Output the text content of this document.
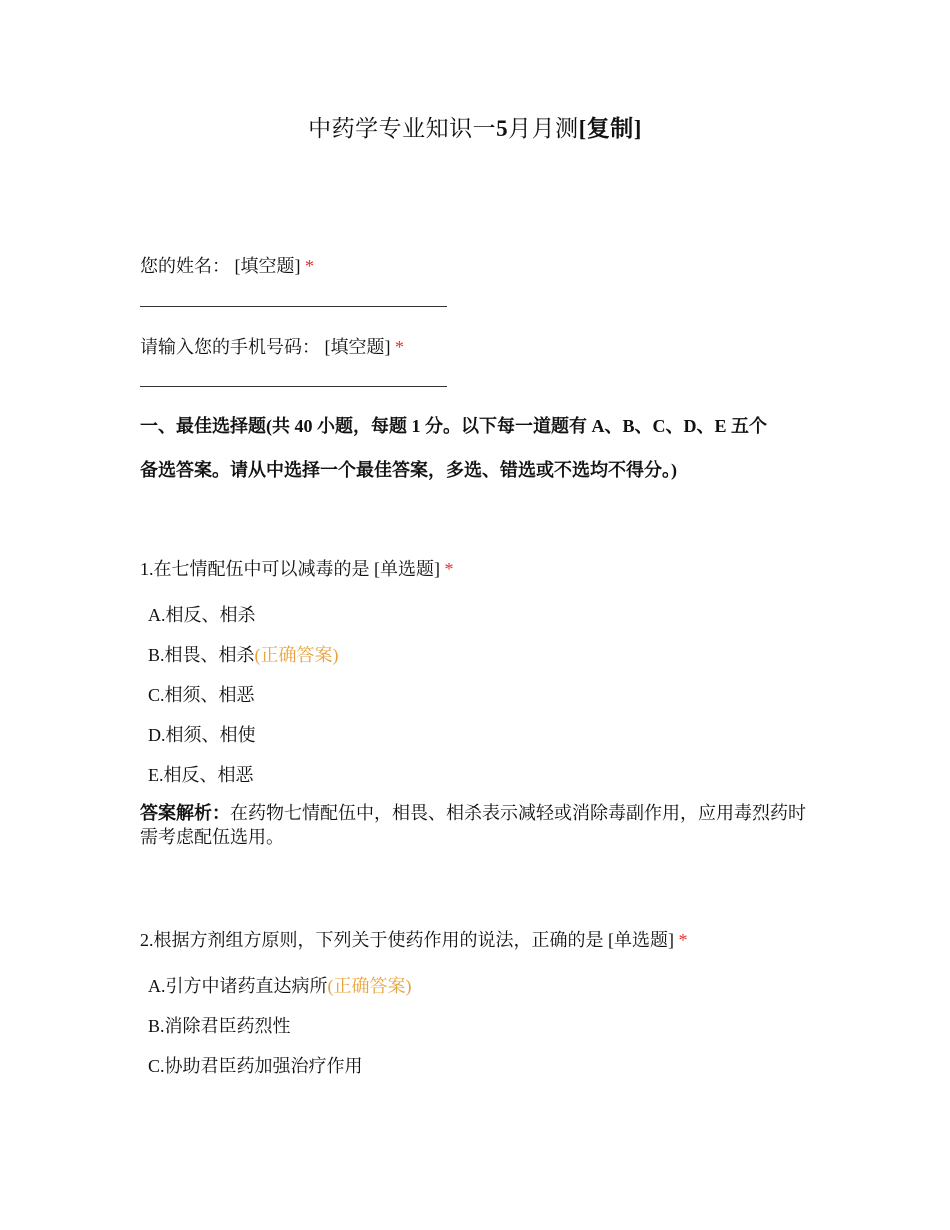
中药学专业知识一5月月测[复制]
您的姓名： [填空题] *
请输入您的手机号码： [填空题] *
一、最佳选择题(共 40 小题，每题 1 分。以下每一道题有 A、B、C、D、E 五个
备选答案。请从中选择一个最佳答案，多选、错选或不选均不得分。)
1.在七情配伍中可以减毒的是 [单选题] *
A.相反、相杀
B.相畏、相杀(正确答案)
C.相须、相恶
D.相须、相使
E.相反、相恶
答案解析：在药物七情配伍中，相畏、相杀表示减轻或消除毒副作用，应用毒烈药时需考虑配伍选用。
2.根据方剂组方原则，下列关于使药作用的说法，正确的是 [单选题] *
A.引方中诸药直达病所(正确答案)
B.消除君臣药烈性
C.协助君臣药加强治疗作用
